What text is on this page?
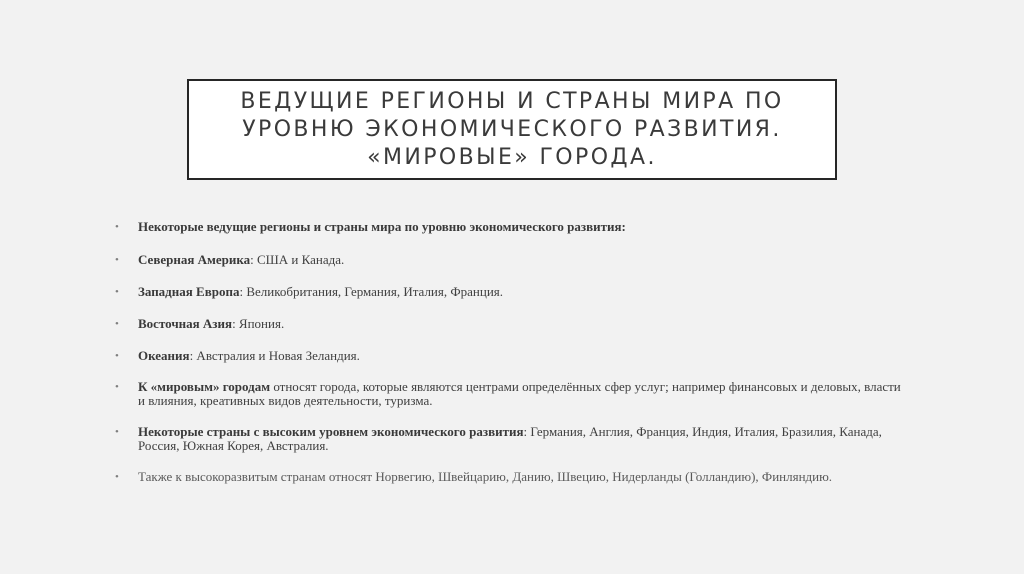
ВЕДУЩИЕ РЕГИОНЫ И СТРАНЫ МИРА ПО
УРОВНЮ ЭКОНОМИЧЕСКОГО РАЗВИТИЯ.
«МИРОВЫЕ» ГОРОДА.
• Некоторые ведущие регионы и страны мира по уровню экономического развития:
• Северная Америка: США и Канада.
• Западная Европа: Великобритания, Германия, Италия, Франция.
• Восточная Азия: Япония.
• Океания: Австралия и Новая Зеландия.
• К «мировым» городам относят города, которые являются центрами определённых сфер услуг; например финансовых и деловых, власти и влияния, креативных видов деятельности, туризма.
• Некоторые страны с высоким уровнем экономического развития: Германия, Англия, Франция, Индия, Италия, Бразилия, Канада, Россия, Южная Корея, Австралия.
• Также к высокоразвитым странам относят Норвегию, Швейцарию, Данию, Швецию, Нидерланды (Голландию), Финляндию.
